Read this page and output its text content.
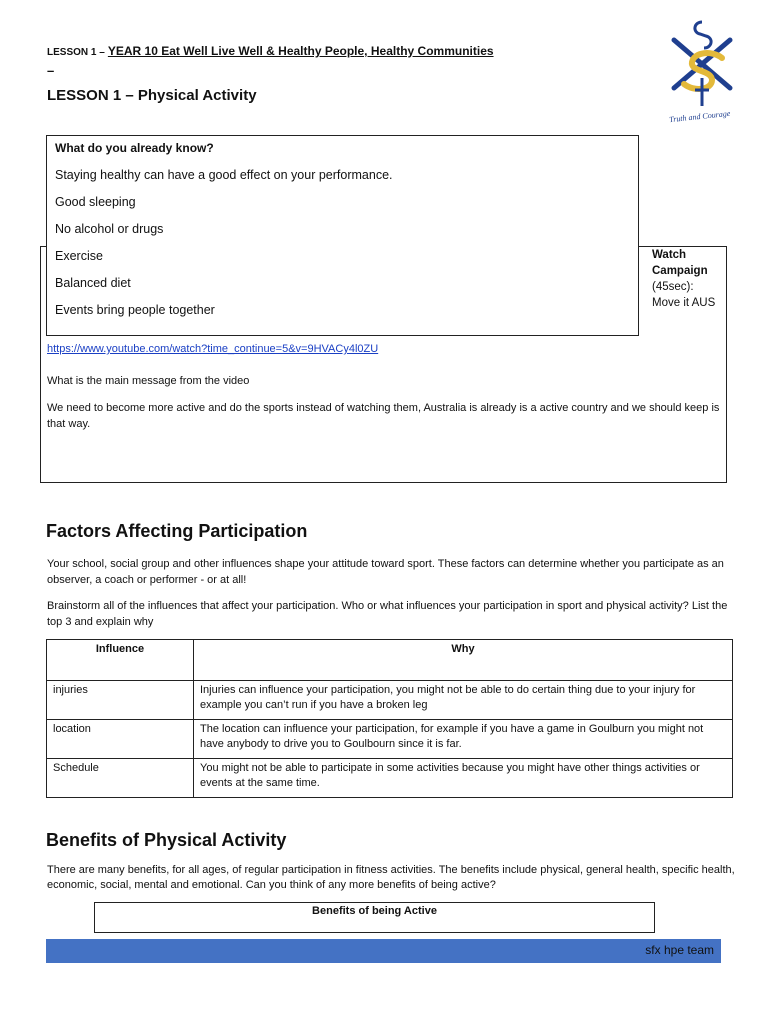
LESSON 1 – YEAR 10 Eat Well Live Well & Healthy People, Healthy Communities
–
LESSON 1 – Physical Activity
Truth and Courage
Watch Campaign
(45sec): Move it AUS

What do you already know?

Staying healthy can have a good effect on your performance.

Good sleeping

No alcohol or drugs

Exercise

Balanced diet

Events bring people together

https://www.youtube.com/watch?time_continue=5&v=9HVACy4l0ZU
What is the main message from the video
We need to become more active and do the sports instead of watching them, Australia is already is a active country and we should keep is that way.
Factors Affecting Participation

Your school, social group and other influences shape your attitude toward sport. These factors can determine whether you participate as an observer, a coach or performer - or at all!

Brainstorm all of the influences that affect your participation. Who or what influences your participation in sport and physical activity? List the top 3 and explain why

Influence	Why
injuries	Injuries can influence your participation, you might not be able to do certain thing due to your injury for example you can’t run if you have a broken leg
location	The location can influence your participation, for example if you have a game in Goulburn you might not have anybody to drive you to Goulbourn since it is far.
Schedule	You might not be able to participate in some activities because you might have other things activities or events at the same time.
Benefits of Physical Activity

There are many benefits, for all ages, of regular participation in fitness activities. The benefits include physical, general health, specific health, economic, social, mental and emotional. Can you think of any more benefits of being active?

Benefits of being Active
sfx hpe team
